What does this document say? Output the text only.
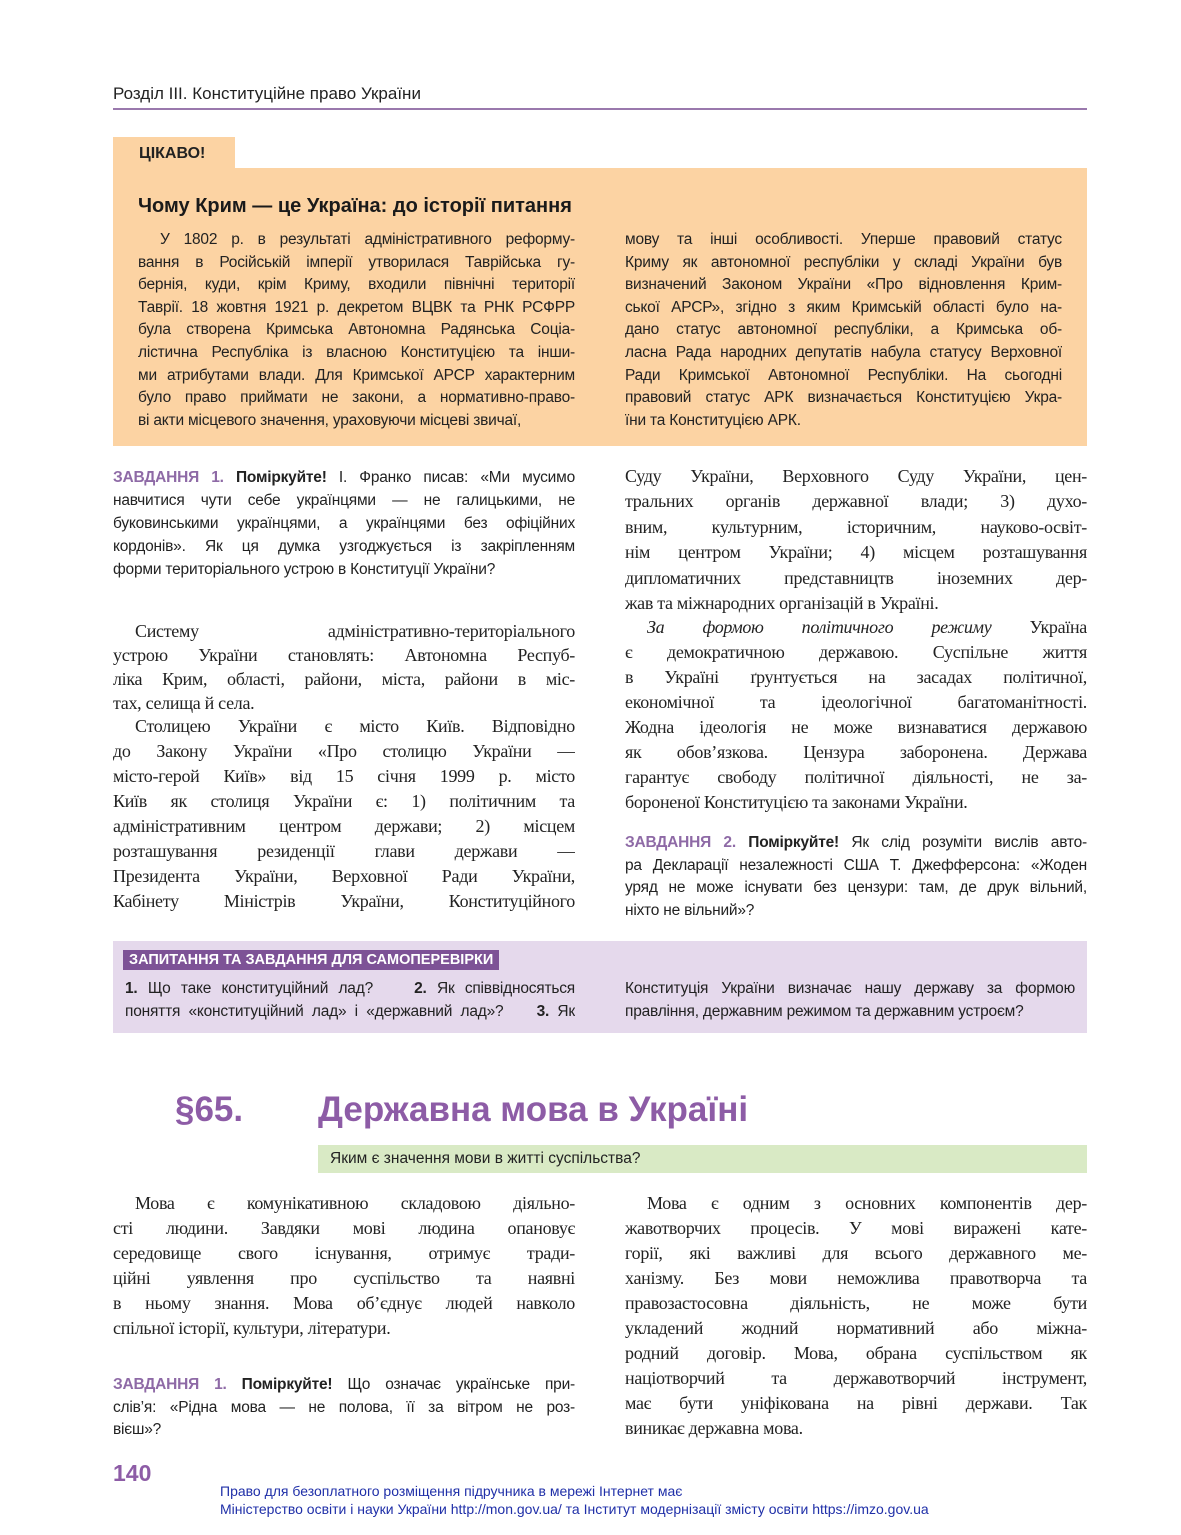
Розділ III. Конституційне право України
ЦІКАВО!
Чому Крим — це Україна: до історії питання
У 1802 р. в результаті адміністративного реформу-
вання в Російській імперії утворилася Таврійська гу-
бернія, куди, крім Криму, входили північні території
Таврії. 18 жовтня 1921 р. декретом ВЦВК та РНК РСФРР
була створена Кримська Автономна Радянська Соціа-
лістична Республіка із власною Конституцією та інши-
ми атрибутами влади. Для Кримської АРСР характерним
було право приймати не закони, а нормативно-право-
ві акти місцевого значення, ураховуючи місцеві звичаї,
мову та інші особливості. Уперше правовий статус
Криму як автономної республіки у складі України був
визначений Законом України «Про відновлення Крим-
ської АРСР», згідно з яким Кримській області було на-
дано статус автономної республіки, а Кримська об-
ласна Рада народних депутатів набула статусу Верховної
Ради Кримської Автономної Республіки. На сьогодні
правовий статус АРК визначається Конституцією Укра-
їни та Конституцією АРК.
ЗАВДАННЯ 1. Поміркуйте! І. Франко писав: «Ми мусимо
навчитися чути себе українцями — не галицькими, не
буковинськими українцями, а українцями без офіційних
кордонів». Як ця думка узгоджується із закріпленням
форми територіального устрою в Конституції України?
Систему адміністративно-територіального
устрою України становлять: Автономна Респуб-
ліка Крим, області, райони, міста, райони в міс-
тах, селища й села.
Столицею України є місто Київ. Відповідно
до Закону України «Про столицю України —
місто-герой Київ» від 15 січня 1999 р. місто
Київ як столиця України є: 1) політичним та
адміністративним центром держави; 2) місцем
розташування резиденції глави держави —
Президента України, Верховної Ради України,
Кабінету Міністрів України, Конституційного
Суду України, Верховного Суду України, цен-
тральних органів державної влади; 3) духо-
вним, культурним, історичним, науково-освіт-
нім центром України; 4) місцем розташування
дипломатичних представництв іноземних дер-
жав та міжнародних організацій в Україні.
За формою політичного режиму Україна
є демократичною державою. Суспільне життя
в Україні ґрунтується на засадах політичної,
економічної та ідеологічної багатоманітності.
Жодна ідеологія не може визнаватися державою
як обов’язкова. Цензура заборонена. Держава
гарантує свободу політичної діяльності, не за-
бороненої Конституцією та законами України.
ЗАВДАННЯ 2. Поміркуйте! Як слід розуміти вислів авто-
ра Декларації незалежності США Т. Джефферсона: «Жоден
уряд не може існувати без цензури: там, де друк вільний,
ніхто не вільний»?
ЗАПИТАННЯ ТА ЗАВДАННЯ ДЛЯ САМОПЕРЕВІРКИ
1. Що таке конституційний лад?	2. Як співвідносяться
поняття «конституційний лад» і «державний лад»? 3. Як
Конституція України визначає нашу державу за формою
правління, державним режимом та державним устроєм?
§65. Державна мова в Україні
Яким є значення мови в житті суспільства?
Мова є комунікативною складовою діяльно-
сті людини. Завдяки мові людина опановує
середовище свого існування, отримує тради-
ційні уявлення про суспільство та наявні
в ньому знання. Мова об’єднує людей навколо
спільної історії, культури, літератури.
ЗАВДАННЯ 1. Поміркуйте! Що означає українське при-
слів’я: «Рідна мова — не полова, її за вітром не роз-
вієш»?
Мова є одним з основних компонентів дер-
жавотворчих процесів. У мові виражені кате-
горії, які важливі для всього державного ме-
ханізму. Без мови неможлива правотворча та
правозастосовна діяльність, не може бути
укладений жодний нормативний або міжна-
родний договір. Мова, обрана суспільством як
націотворчий та державотворчий інструмент,
має бути уніфікована на рівні держави. Так
виникає державна мова.
140
Право для безоплатного розміщення підручника в мережі Інтернет має
Міністерство освіти і науки України http://mon.gov.ua/ та Інститут модернізації змісту освіти https://imzo.gov.ua
